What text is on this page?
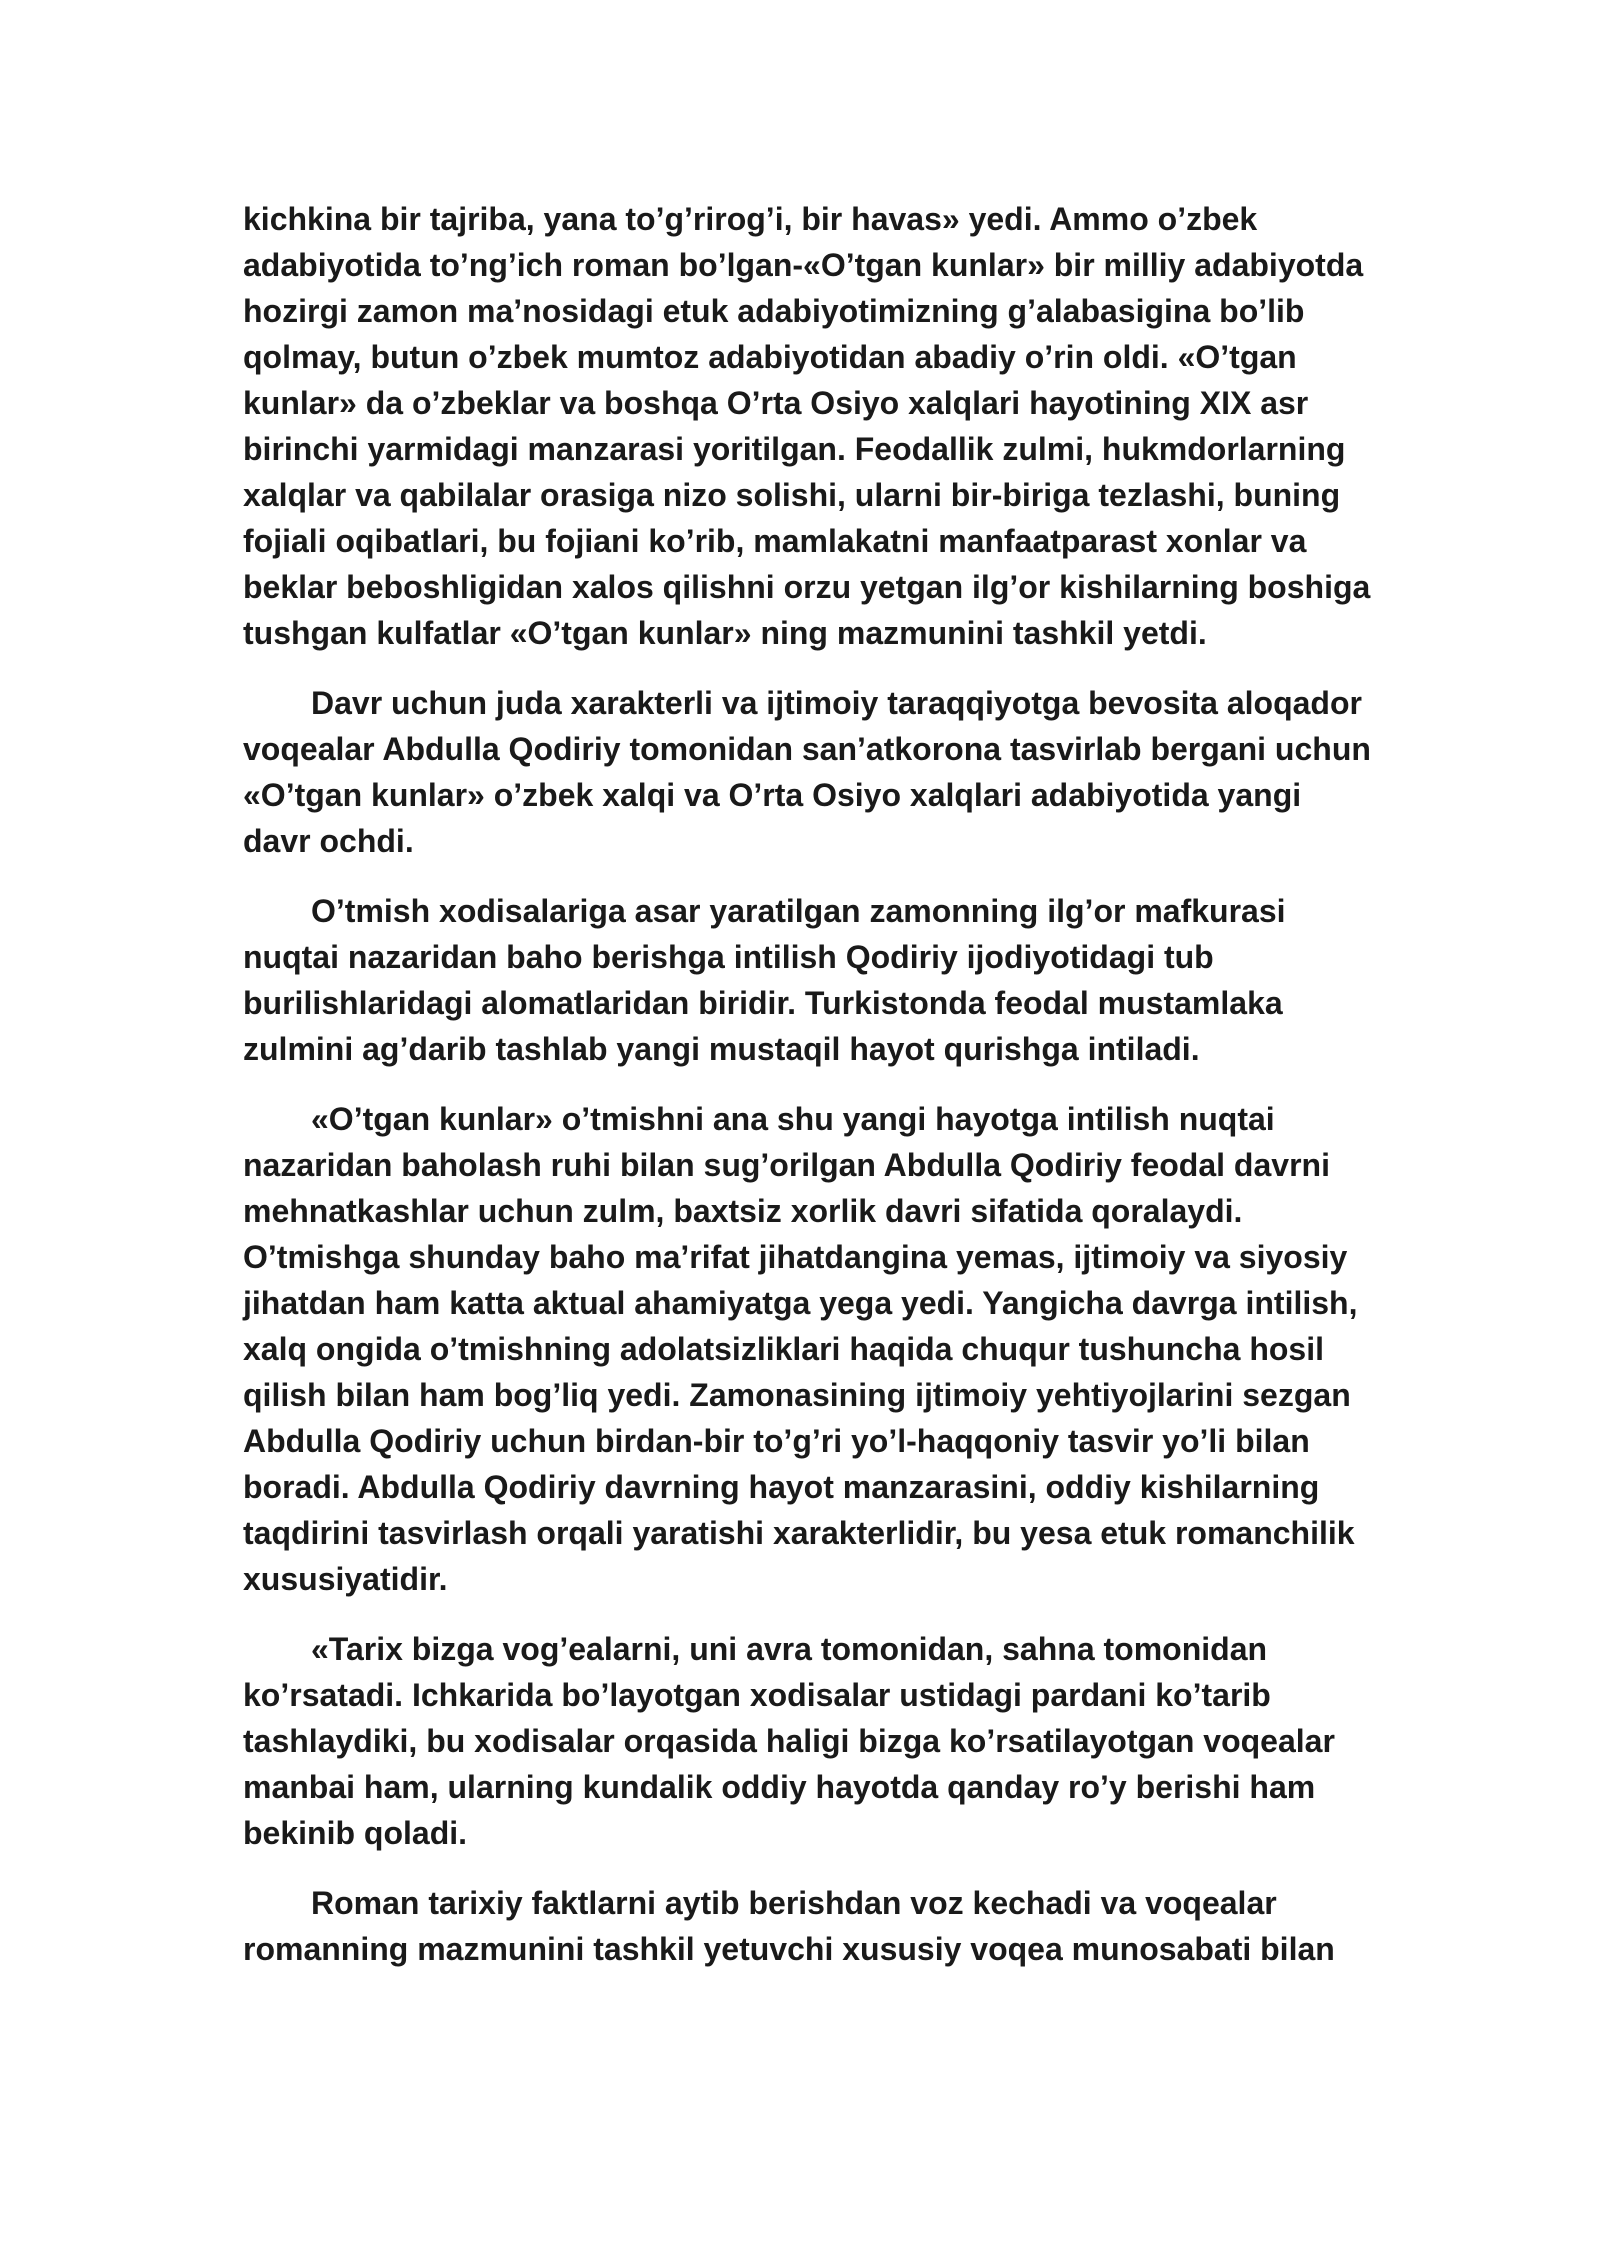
kichkina bir tajriba, yana to’g’rirog’i, bir havas» yedi. Ammo o’zbek adabiyotida to’ng’ich roman bo’lgan-«O’tgan kunlar» bir milliy adabiyotda hozirgi zamon ma’nosidagi etuk adabiyotimizning g’alabasigina bo’lib qolmay, butun o’zbek mumtoz adabiyotidan abadiy o’rin oldi. «O’tgan kunlar» da o’zbeklar va boshqa O’rta Osiyo xalqlari hayotining XIX asr birinchi yarmidagi manzarasi yoritilgan. Feodallik zulmi, hukmdorlarning xalqlar va qabilalar orasiga nizo solishi, ularni bir-biriga tezlashi, buning fojiali oqibatlari, bu fojiani ko’rib, mamlakatni manfaatparast xonlar va beklar beboshligidan xalos qilishni orzu yetgan ilg’or kishilarning boshiga tushgan kulfatlar «O’tgan kunlar» ning mazmunini tashkil yetdi.

Davr uchun juda xarakterli va ijtimoiy taraqqiyotga bevosita aloqador voqealar Abdulla Qodiriy tomonidan san’atkorona tasvirlab bergani uchun «O’tgan kunlar» o’zbek xalqi va O’rta Osiyo xalqlari adabiyotida yangi davr ochdi.

O’tmish xodisalariga asar yaratilgan zamonning ilg’or mafkurasi nuqtai nazaridan baho berishga intilish Qodiriy ijodiyotidagi tub burilishlaridagi alomatlaridan biridir. Turkistonda feodal mustamlaka zulmini ag’darib tashlab yangi mustaqil hayot qurishga intiladi.

«O’tgan kunlar» o’tmishni ana shu yangi hayotga intilish nuqtai nazaridan baholash ruhi bilan sug’orilgan Abdulla Qodiriy feodal davrni mehnatkashlar uchun zulm, baxtsiz xorlik davri sifatida qoralaydi. O’tmishga shunday baho ma’rifat jihatdangina yemas, ijtimoiy va siyosiy jihatdan ham katta aktual ahamiyatga yega yedi. Yangicha davrga intilish, xalq ongida o’tmishning adolatsizliklari haqida chuqur tushuncha hosil qilish bilan ham bog’liq yedi. Zamonasining ijtimoiy yehtiyojlarini sezgan Abdulla Qodiriy uchun birdan-bir to’g’ri yo’l-haqqoniy tasvir yo’li bilan boradi. Abdulla Qodiriy davrning hayot manzarasini, oddiy kishilarning taqdirini tasvirlash orqali yaratishi xarakterlidir, bu yesa etuk romanchilik xususiyatidir.

«Tarix bizga vog’ealarni, uni avra tomonidan, sahna tomonidan ko’rsatadi. Ichkarida bo’layotgan xodisalar ustidagi pardani ko’tarib tashlaydiki, bu xodisalar orqasida haligi bizga ko’rsatilayotgan voqealar manbai ham, ularning kundalik oddiy hayotda qanday ro’y berishi ham bekinib qoladi.

Roman tarixiy faktlarni aytib berishdan voz kechadi va voqealar romanning mazmunini tashkil yetuvchi xususiy voqea munosabati bilan
